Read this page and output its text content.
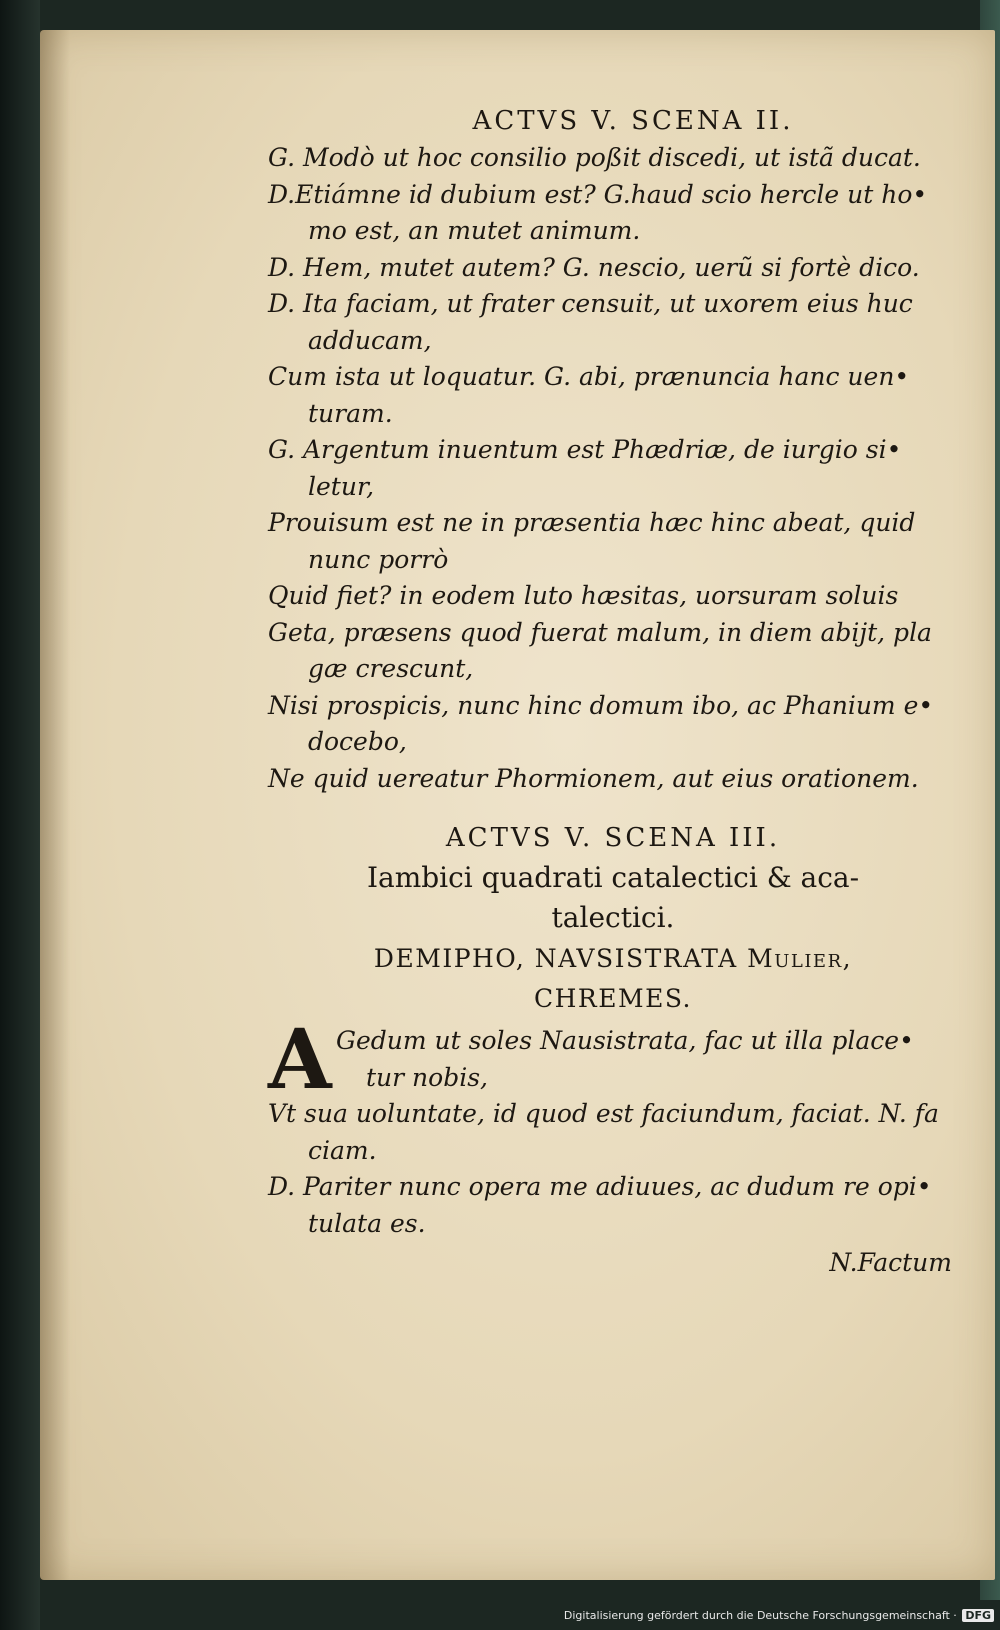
ACTVS V. SCENA II.
G. Modò ut hoc consilio poßit discedi, ut istã ducat.
D.Etiámne id dubium est? G.haud scio hercle ut ho•
mo est, an mutet animum.
D. Hem, mutet autem? G. nescio, uerũ si fortè dico.
D. Ita faciam, ut frater censuit, ut uxorem eius huc
adducam,
Cum ista ut loquatur. G. abi, prænuncia hanc uen•
turam.
G. Argentum inuentum est Phædriæ, de iurgio si•
letur,
Prouisum est ne in præsentia hæc hinc abeat, quid
nunc porrò
Quid fiet? in eodem luto hæsitas, uorsuram soluis
Geta, præsens quod fuerat malum, in diem abijt, pla
gæ crescunt,
Nisi prospicis, nunc hinc domum ibo, ac Phanium e•
docebo,
Ne quid uereatur Phormionem, aut eius orationem.
ACTVS V. SCENA III.
Iambici quadrati catalectici & aca-
talectici.
DEMIPHO, NAVSISTRATA Mulier,
CHREMES.
A Gedum ut soles Nausistrata, fac ut illa place•
tur nobis,
Vt sua uoluntate, id quod est faciundum, faciat. N. fa
ciam.
D. Pariter nunc opera me adiuues, ac dudum re opi•
tulata es.
N.Factum
Digitalisierung gefördert durch die Deutsche Forschungsgemeinschaft · DFG
